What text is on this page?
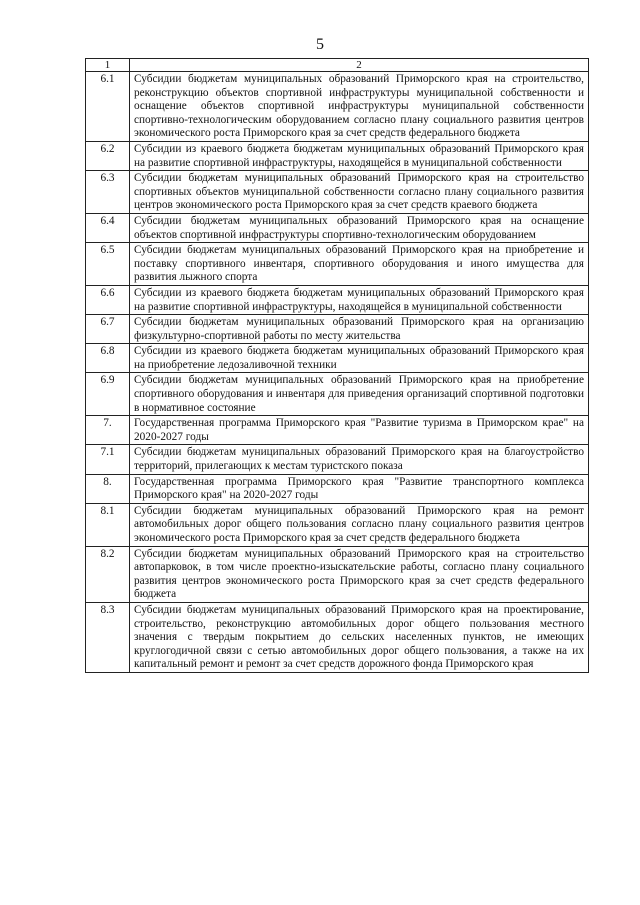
5
1	2
6.1	Субсидии бюджетам муниципальных образований Приморского края на строительство, реконструкцию объектов спортивной инфраструктуры муниципальной собственности и оснащение объектов спортивной инфраструктуры муниципальной собственности спортивно-технологическим оборудованием согласно плану социального развития центров экономического роста Приморского края за счет средств федерального бюджета
6.2	Субсидии из краевого бюджета бюджетам муниципальных образований Приморского края на развитие спортивной инфраструктуры, находящейся в муниципальной собственности
6.3	Субсидии бюджетам муниципальных образований Приморского края на строительство спортивных объектов муниципальной собственности согласно плану социального развития центров экономического роста Приморского края за счет средств краевого бюджета
6.4	Субсидии бюджетам муниципальных образований Приморского края на оснащение объектов спортивной инфраструктуры спортивно-технологическим оборудованием
6.5	Субсидии бюджетам муниципальных образований Приморского края на приобретение и поставку спортивного инвентаря, спортивного оборудования и иного имущества для развития лыжного спорта
6.6	Субсидии из краевого бюджета бюджетам муниципальных образований Приморского края на развитие спортивной инфраструктуры, находящейся в муниципальной собственности
6.7	Субсидии бюджетам муниципальных образований Приморского края на организацию физкультурно-спортивной работы по месту жительства
6.8	Субсидии из краевого бюджета бюджетам муниципальных образований Приморского края на приобретение ледозаливочной техники
6.9	Субсидии бюджетам муниципальных образований Приморского края на приобретение спортивного оборудования и инвентаря для приведения организаций спортивной подготовки в нормативное состояние
7.	Государственная программа Приморского края "Развитие туризма в Приморском крае" на 2020-2027 годы
7.1	Субсидии бюджетам муниципальных образований Приморского края на благоустройство территорий, прилегающих к местам туристского показа
8.	Государственная программа Приморского края "Развитие транспортного комплекса Приморского края" на 2020-2027 годы
8.1	Субсидии бюджетам муниципальных образований Приморского края на ремонт автомобильных дорог общего пользования согласно плану социального развития центров экономического роста Приморского края за счет средств федерального бюджета
8.2	Субсидии бюджетам муниципальных образований Приморского края на строительство автопарковок, в том числе проектно-изыскательские работы, согласно плану социального развития центров экономического роста Приморского края за счет средств федерального бюджета
8.3	Субсидии бюджетам муниципальных образований Приморского края на проектирование, строительство, реконструкцию автомобильных дорог общего пользования местного значения с твердым покрытием до сельских населенных пунктов, не имеющих круглогодичной связи с сетью автомобильных дорог общего пользования, а также на их капитальный ремонт и ремонт за счет средств дорожного фонда Приморского края
